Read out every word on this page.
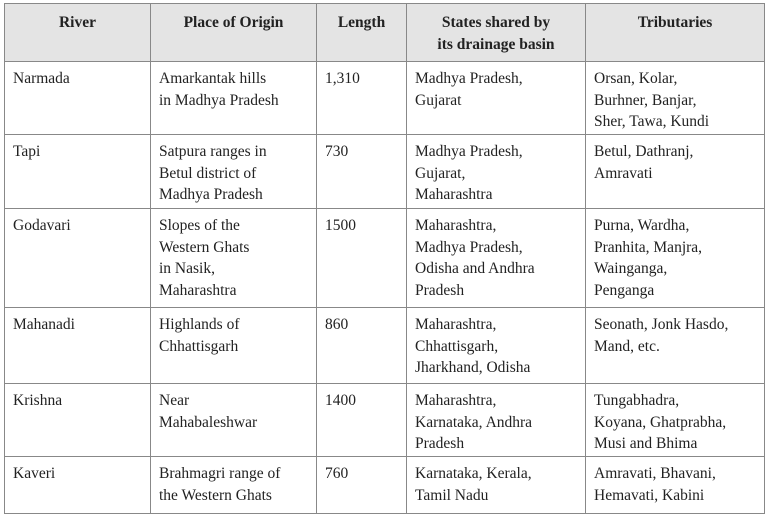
River	Place of Origin	Length	States shared by
its drainage basin	Tributaries
Narmada	Amarkantak hills
in Madhya Pradesh	1,310	Madhya Pradesh,
Gujarat	Orsan, Kolar,
Burhner, Banjar,
Sher, Tawa, Kundi
Tapi	Satpura ranges in
Betul district of
Madhya Pradesh	730	Madhya Pradesh,
Gujarat,
Maharashtra	Betul, Dathranj,
Amravati
Godavari	Slopes of the
Western Ghats
in Nasik,
Maharashtra	1500	Maharashtra,
Madhya Pradesh,
Odisha and Andhra
Pradesh	Purna, Wardha,
Pranhita, Manjra,
Wainganga,
Penganga
Mahanadi	Highlands of
Chhattisgarh	860	Maharashtra,
Chhattisgarh,
Jharkhand, Odisha	Seonath, Jonk Hasdo,
Mand, etc.
Krishna	Near
Mahabaleshwar	1400	Maharashtra,
Karnataka, Andhra
Pradesh	Tungabhadra,
Koyana, Ghatprabha,
Musi and Bhima
Kaveri	Brahmagri range of
the Western Ghats	760	Karnataka, Kerala,
Tamil Nadu	Amravati, Bhavani,
Hemavati, Kabini
